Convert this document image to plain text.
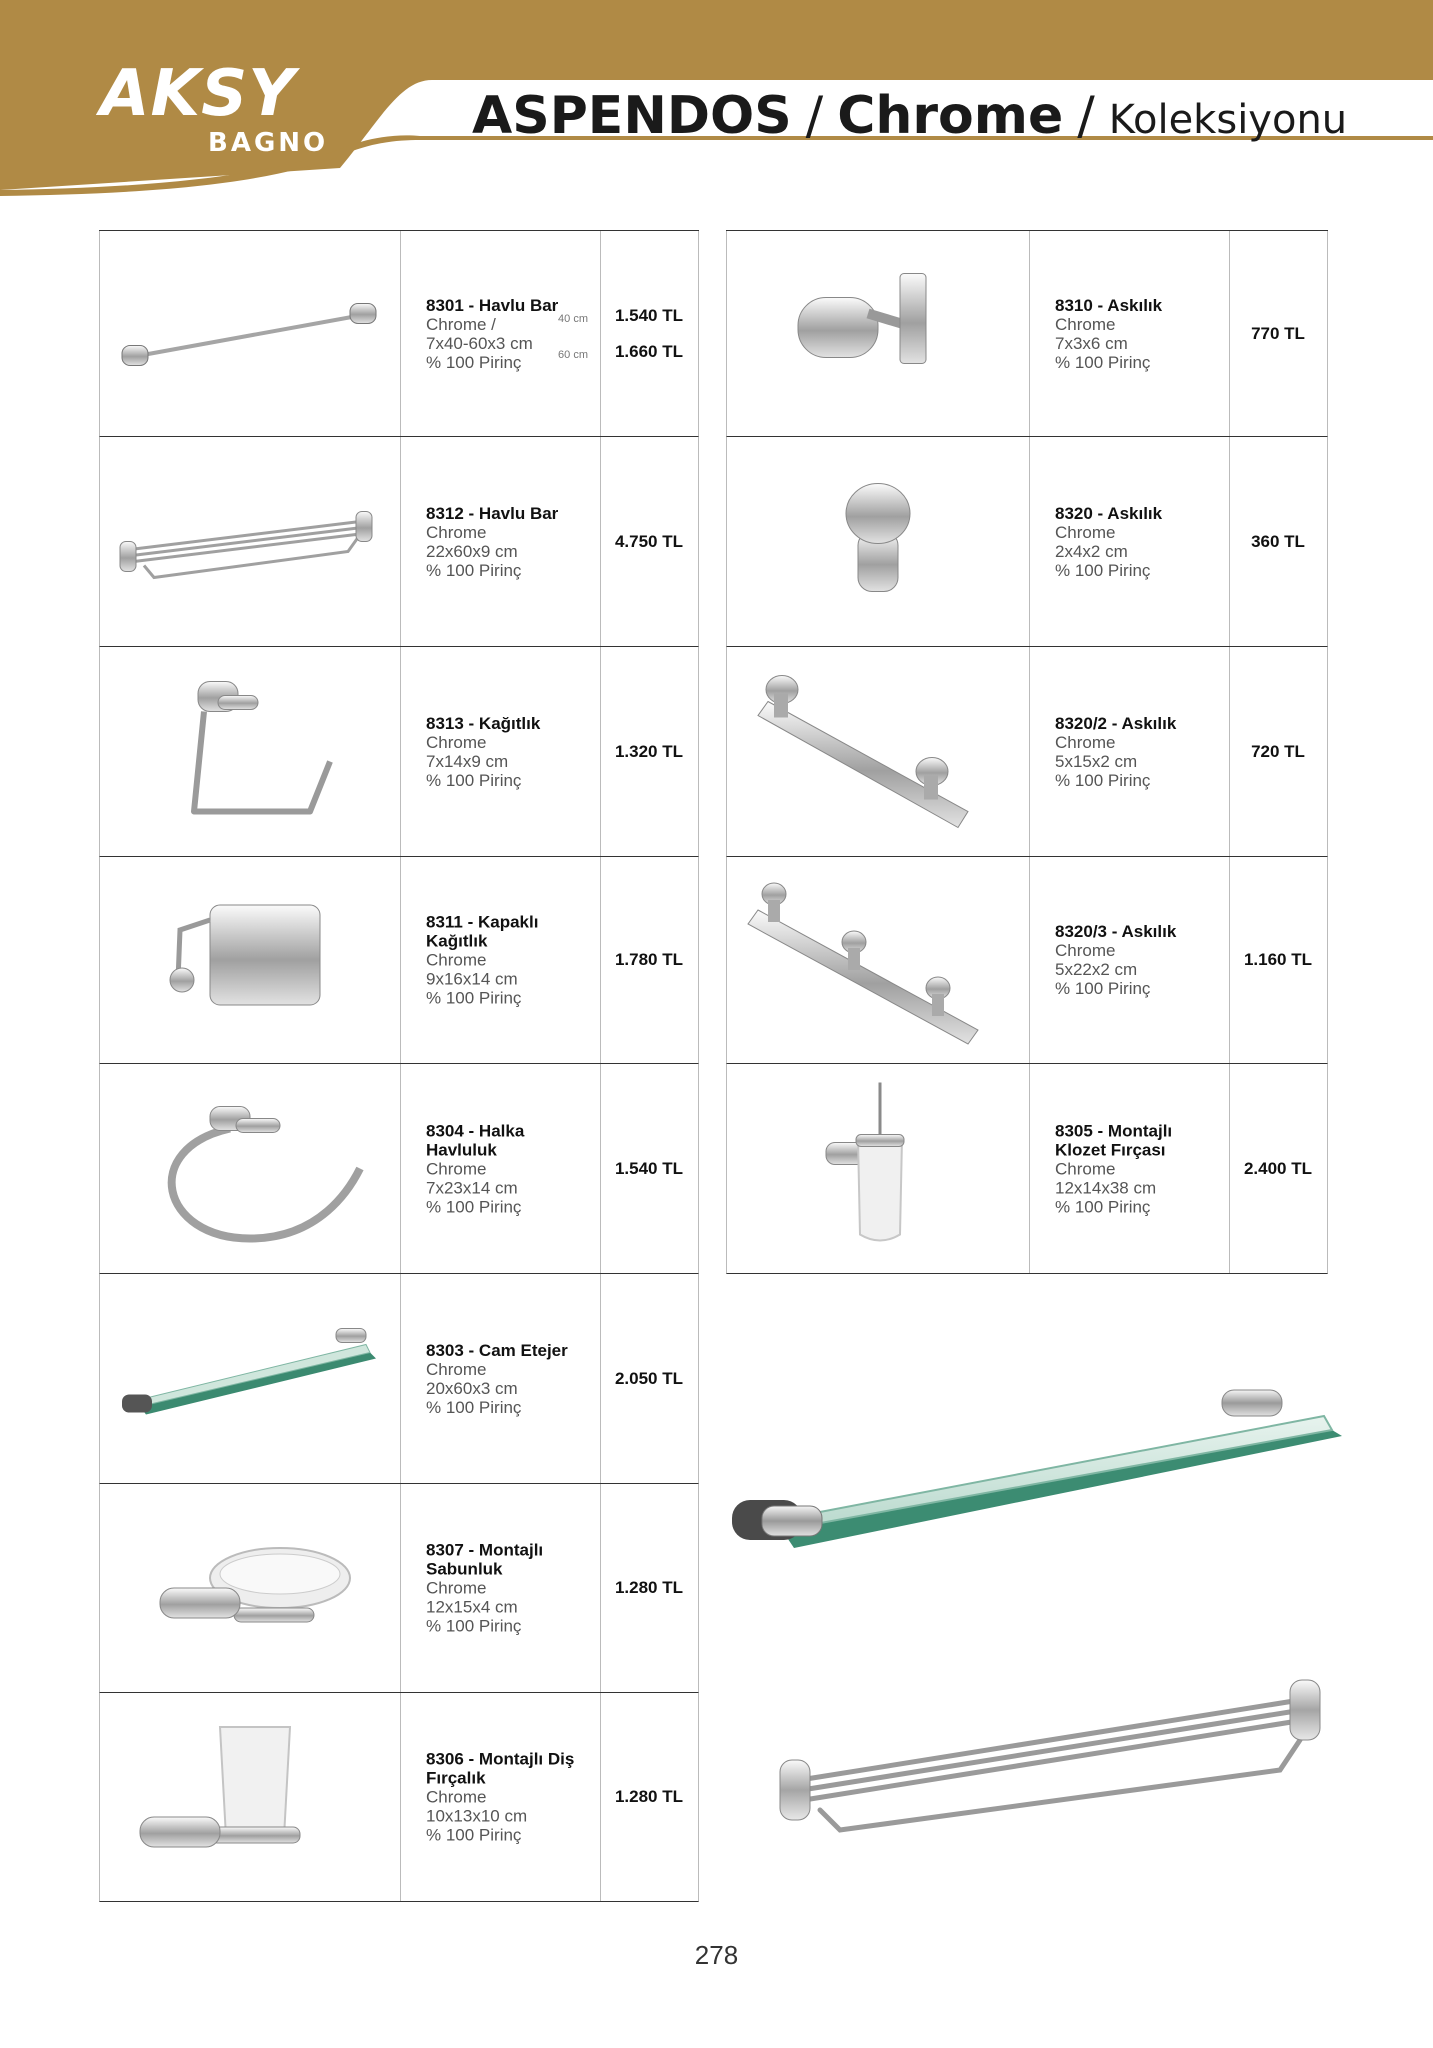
AKSY
BAGNO	ASPENDOS / Chrome / Koleksiyonu
8301 - Havlu Bar
Chrome /
7x40-60x3 cm
% 100 Pirinç
40 cm
60 cm
1.540 TL
1.660 TL
8312 - Havlu Bar
Chrome
22x60x9 cm
% 100 Pirinç
4.750 TL
8313 - Kağıtlık
Chrome
7x14x9 cm
% 100 Pirinç
1.320 TL
8311 - Kapaklı Kağıtlık
Chrome
9x16x14 cm
% 100 Pirinç
1.780 TL
8304 - Halka Havluluk
Chrome
7x23x14 cm
% 100 Pirinç
1.540 TL
8303 - Cam Etejer
Chrome
20x60x3 cm
% 100 Pirinç
2.050 TL
8307 - Montajlı Sabunluk
Chrome
12x15x4 cm
% 100 Pirinç
1.280 TL
8306 - Montajlı Diş Fırçalık
Chrome
10x13x10 cm
% 100 Pirinç
1.280 TL
8310 - Askılık
Chrome
7x3x6 cm
% 100 Pirinç
770 TL
8320 - Askılık
Chrome
2x4x2 cm
% 100 Pirinç
360 TL
8320/2 - Askılık
Chrome
5x15x2 cm
% 100 Pirinç
720 TL
8320/3 - Askılık
Chrome
5x22x2 cm
% 100 Pirinç
1.160 TL
8305 - Montajlı Klozet Fırçası
Chrome
12x14x38 cm
% 100 Pirinç
2.400 TL
278
